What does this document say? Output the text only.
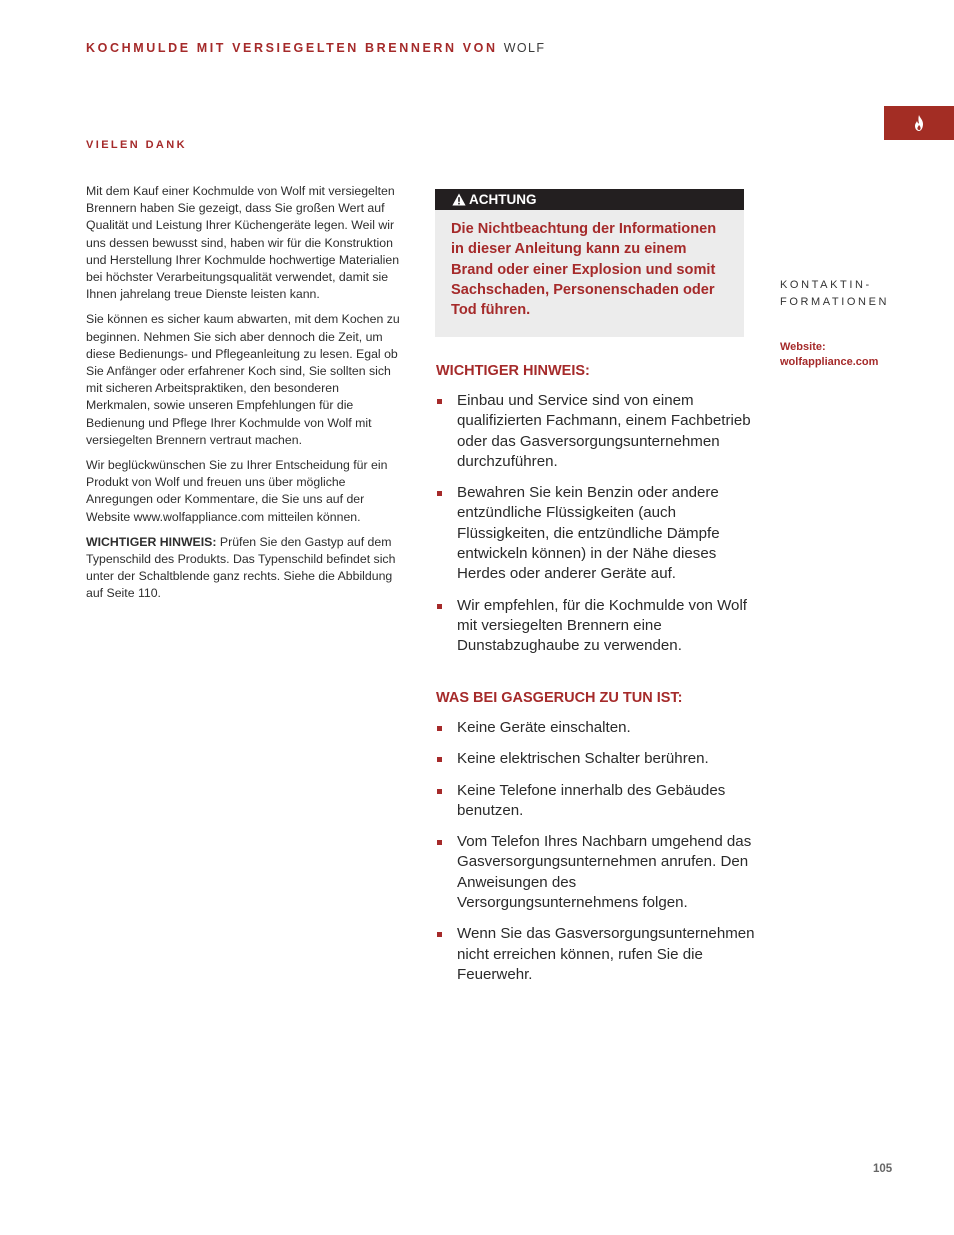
KOCHMULDE MIT VERSIEGELTEN BRENNERN VON WOLF
VIELEN DANK

Mit dem Kauf einer Kochmulde von Wolf mit versiegelten Brennern haben Sie gezeigt, dass Sie großen Wert auf Qualität und Leistung Ihrer Küchengeräte legen. Weil wir uns dessen bewusst sind, haben wir für die Konstruktion und Herstellung Ihrer Kochmulde hochwertige Materialien bei höchster Verarbeitungsqualität verwendet, damit sie Ihnen jahrelang treue Dienste leisten kann.

Sie können es sicher kaum abwarten, mit dem Kochen zu beginnen. Nehmen Sie sich aber dennoch die Zeit, um diese Bedienungs- und Pflegeanleitung zu lesen. Egal ob Sie Anfänger oder erfahrener Koch sind, Sie sollten sich mit sicheren Arbeitspraktiken, den besonderen Merkmalen, sowie unseren Empfehlungen für die Bedienung und Pflege Ihrer Kochmulde von Wolf mit versiegelten Brennern vertraut machen.

Wir beglückwünschen Sie zu Ihrer Entscheidung für ein Produkt von Wolf und freuen uns über mögliche Anregungen oder Kommentare, die Sie uns auf der Website www.wolfappliance.com mitteilen können.

WICHTIGER HINWEIS: Prüfen Sie den Gastyp auf dem Typenschild des Produkts. Das Typenschild befindet sich unter der Schaltblende ganz rechts. Siehe die Abbildung auf Seite 110.

ACHTUNG
Die Nichtbeachtung der Informationen in dieser Anleitung kann zu einem Brand oder einer Explosion und somit Sachschaden, Personenschaden oder Tod führen.
WICHTIGER HINWEIS:
Einbau und Service sind von einem qualifizierten Fachmann, einem Fachbetrieb oder das Gasversorgungsunternehmen durchzuführen.
Bewahren Sie kein Benzin oder andere entzündliche Flüssigkeiten (auch Flüssigkeiten, die entzündliche Dämpfe entwickeln können) in der Nähe dieses Herdes oder anderer Geräte auf.
Wir empfehlen, für die Kochmulde von Wolf mit versiegelten Brennern eine Dunstabzughaube zu verwenden.
WAS BEI GASGERUCH ZU TUN IST:
Keine Geräte einschalten.
Keine elektrischen Schalter berühren.
Keine Telefone innerhalb des Gebäudes benutzen.
Vom Telefon Ihres Nachbarn umgehend das Gasversorgungsunternehmen anrufen. Den Anweisungen des Versorgungsunternehmens folgen.
Wenn Sie das Gasversorgungsunternehmen nicht erreichen können, rufen Sie die Feuerwehr.
KONTAKTIN-
FORMATIONEN
Website:
wolfappliance.com
105
